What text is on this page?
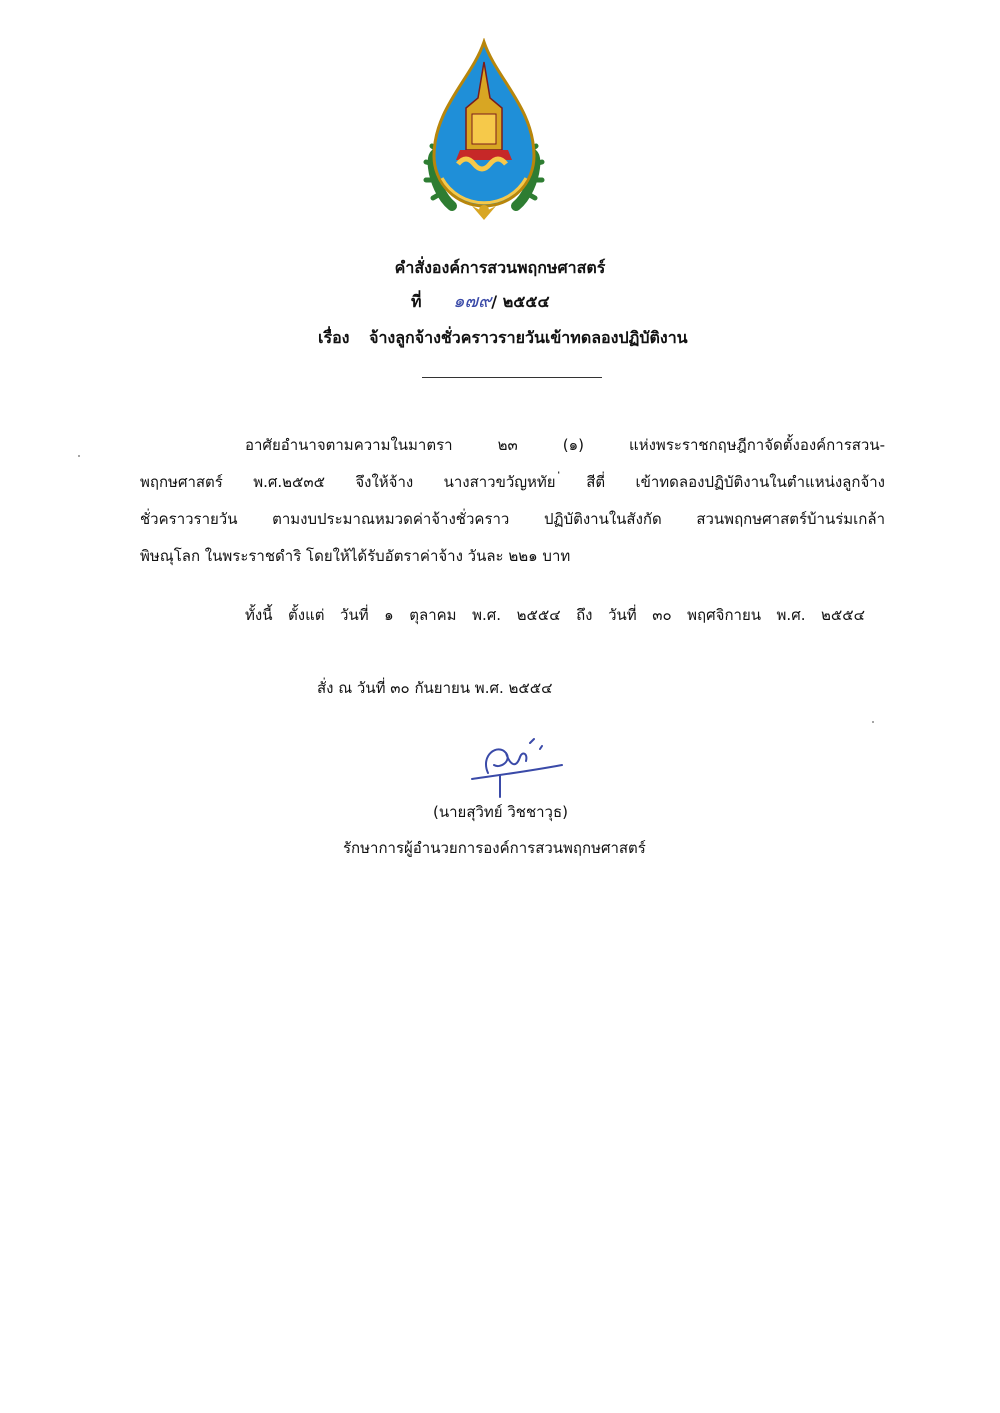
คำสั่งองค์การสวนพฤกษศาสตร์
ที่ ๑๗๙/ ๒๕๕๔
เรื่อง จ้างลูกจ้างชั่วคราวรายวันเข้าทดลองปฏิบัติงาน
อาศัยอำนาจตามความในมาตรา ๒๓ (๑) แห่งพระราชกฤษฎีกาจัดตั้งองค์การสวน-
พฤกษศาสตร์ พ.ศ.๒๕๓๕ จึงให้จ้าง นางสาวขวัญหทัย ่สีตี่ เข้าทดลองปฏิบัติงานในตำแหน่งลูกจ้าง
ชั่วคราวรายวัน ตามงบประมาณหมวดค่าจ้างชั่วคราว ปฏิบัติงานในสังกัด สวนพฤกษศาสตร์บ้านร่มเกล้า
พิษณุโลก ในพระราชดำริ โดยให้ได้รับอัตราค่าจ้าง วันละ ๒๒๑ บาท
ทั้งนี้ ตั้งแต่ วันที่ ๑ ตุลาคม พ.ศ. ๒๕๕๔ ถึง วันที่ ๓๐ พฤศจิกายน พ.ศ. ๒๕๕๔
สั่ง ณ วันที่ ๓๐ กันยายน พ.ศ. ๒๕๕๔
(นายสุวิทย์ วิชชาวุธ)
รักษาการผู้อำนวยการองค์การสวนพฤกษศาสตร์
